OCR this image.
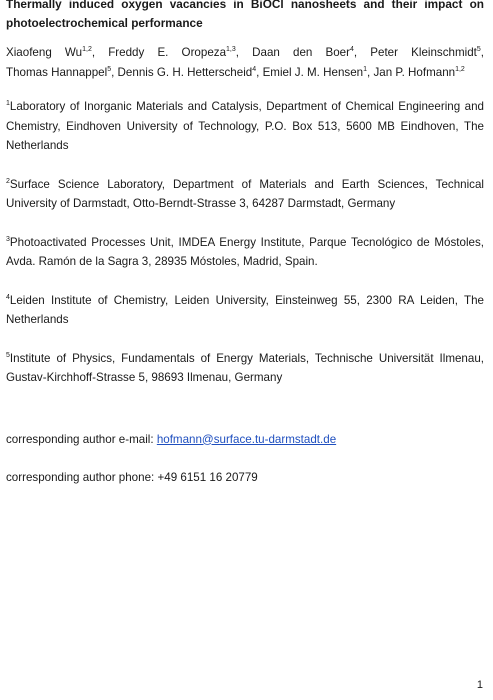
Thermally induced oxygen vacancies in BiOCl nanosheets and their impact on photoelectrochemical performance

Xiaofeng Wu$^{1,2}$, Freddy E. Oropeza$^{1,3}$, Daan den Boer$^4$, Peter Kleinschmidt$^5$, Thomas Hannappel$^5$, Dennis G. H. Hetterscheid$^4$, Emiel J. M. Hensen$^1$, Jan P. Hofmann$^{1,2}$

$^1$Laboratory of Inorganic Materials and Catalysis, Department of Chemical Engineering and Chemistry, Eindhoven University of Technology, P.O. Box 513, 5600 MB Eindhoven, The Netherlands

$^2$Surface Science Laboratory, Department of Materials and Earth Sciences, Technical University of Darmstadt, Otto-Berndt-Strasse 3, 64287 Darmstadt, Germany

$^3$Photoactivated Processes Unit, IMDEA Energy Institute, Parque Tecnológico de Móstoles, Avda. Ramón de la Sagra 3, 28935 Móstoles, Madrid, Spain.

$^4$Leiden Institute of Chemistry, Leiden University, Einsteinweg 55, 2300 RA Leiden, The Netherlands

$^5$Institute of Physics, Fundamentals of Energy Materials, Technische Universität Ilmenau, Gustav-Kirchhoff-Strasse 5, 98693 Ilmenau, Germany

corresponding author e-mail: hofmann@surface.tu-darmstadt.de

corresponding author phone: +49 6151 16 20779

1
